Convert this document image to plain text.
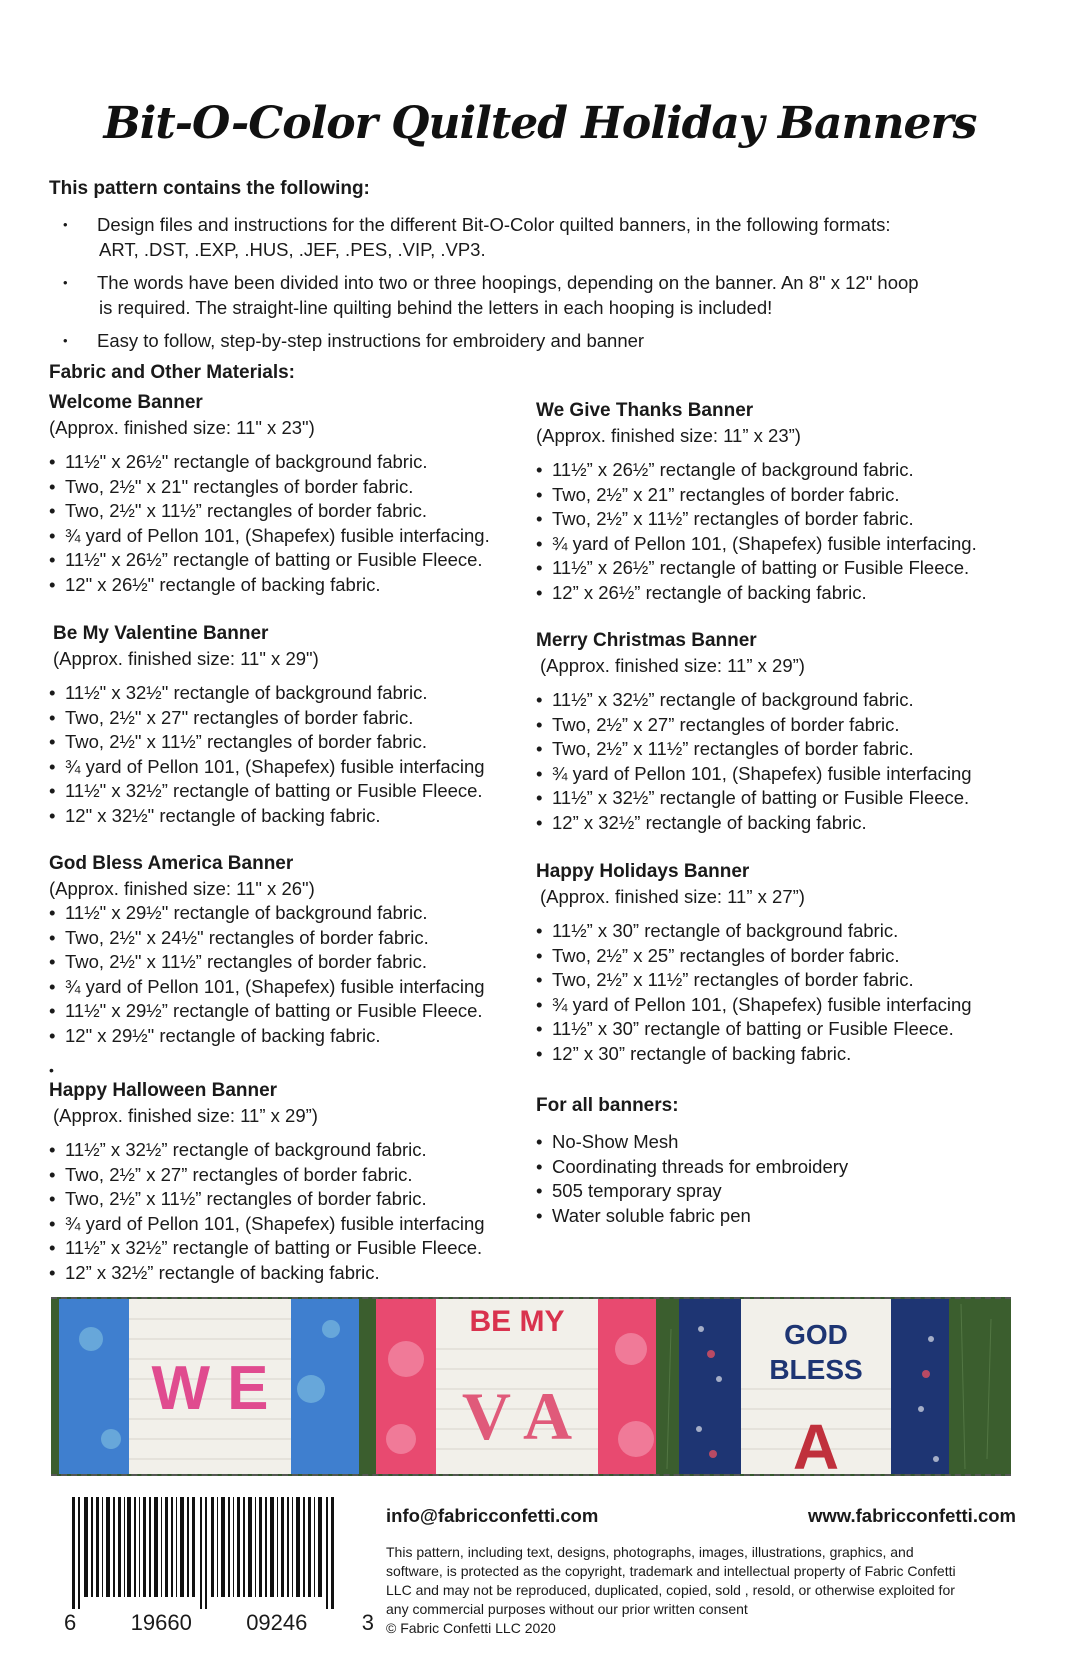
Bit-O-Color Quilted Holiday Banners
This pattern contains the following:
• Design files and instructions for the different Bit-O-Color quilted banners, in the following formats:
ART, .DST, .EXP, .HUS, .JEF, .PES, .VIP, .VP3.
• The words have been divided into two or three hoopings, depending on the banner. An 8" x 12" hoop
is required. The straight-line quilting behind the letters in each hooping is included!
• Easy to follow, step-by-step instructions for embroidery and banner
Fabric and Other Materials:
Welcome Banner
(Approx. finished size: 11" x 23")
• 11½" x 26½" rectangle of background fabric.
• Two, 2½" x 21" rectangles of border fabric.
• Two, 2½" x 11½” rectangles of border fabric.
• ¾ yard of Pellon 101, (Shapefex) fusible interfacing.
• 11½" x 26½” rectangle of batting or Fusible Fleece.
• 12" x 26½" rectangle of backing fabric.
Be My Valentine Banner
(Approx. finished size: 11" x 29")
• 11½" x 32½" rectangle of background fabric.
• Two, 2½" x 27" rectangles of border fabric.
• Two, 2½" x 11½” rectangles of border fabric.
• ¾ yard of Pellon 101, (Shapefex) fusible interfacing
• 11½" x 32½” rectangle of batting or Fusible Fleece.
• 12" x 32½" rectangle of backing fabric.
God Bless America Banner
(Approx. finished size: 11" x 26")
• 11½" x 29½" rectangle of background fabric.
• Two, 2½" x 24½" rectangles of border fabric.
• Two, 2½" x 11½” rectangles of border fabric.
• ¾ yard of Pellon 101, (Shapefex) fusible interfacing
• 11½" x 29½” rectangle of batting or Fusible Fleece.
• 12" x 29½" rectangle of backing fabric.
•
Happy Halloween Banner
(Approx. finished size: 11” x 29”)
• 11½” x 32½” rectangle of background fabric.
• Two, 2½” x 27” rectangles of border fabric.
• Two, 2½” x 11½” rectangles of border fabric.
• ¾ yard of Pellon 101, (Shapefex) fusible interfacing
• 11½” x 32½” rectangle of batting or Fusible Fleece.
• 12” x 32½” rectangle of backing fabric.
We Give Thanks Banner
(Approx. finished size: 11” x 23”)
• 11½” x 26½” rectangle of background fabric.
• Two, 2½” x 21” rectangles of border fabric.
• Two, 2½” x 11½” rectangles of border fabric.
• ¾ yard of Pellon 101, (Shapefex) fusible interfacing.
• 11½” x 26½” rectangle of batting or Fusible Fleece.
• 12” x 26½” rectangle of backing fabric.
Merry Christmas Banner
(Approx. finished size: 11” x 29”)
• 11½” x 32½” rectangle of background fabric.
• Two, 2½” x 27” rectangles of border fabric.
• Two, 2½” x 11½” rectangles of border fabric.
• ¾ yard of Pellon 101, (Shapefex) fusible interfacing
• 11½” x 32½” rectangle of batting or Fusible Fleece.
• 12” x 32½” rectangle of backing fabric.
Happy Holidays Banner
(Approx. finished size: 11” x 27”)
• 11½” x 30” rectangle of background fabric.
• Two, 2½” x 25” rectangles of border fabric.
• Two, 2½” x 11½” rectangles of border fabric.
• ¾ yard of Pellon 101, (Shapefex) fusible interfacing
• 11½” x 30” rectangle of batting or Fusible Fleece.
• 12” x 30” rectangle of backing fabric.
For all banners:
• No-Show Mesh
• Coordinating threads for embroidery
• 505 temporary spray
• Water soluble fabric pen
W E
BE MY
V A
GOD
BLESS
A
6 19660 09246 3
info@fabricconfetti.com	www.fabricconfetti.com
This pattern, including text, designs, photographs, images, illustrations, graphics, and
software, is protected as the copyright, trademark and intellectual property of Fabric Confetti
LLC and may not be reproduced, duplicated, copied, sold , resold, or otherwise exploited for
any commercial purposes without our prior written consent
© Fabric Confetti LLC 2020
